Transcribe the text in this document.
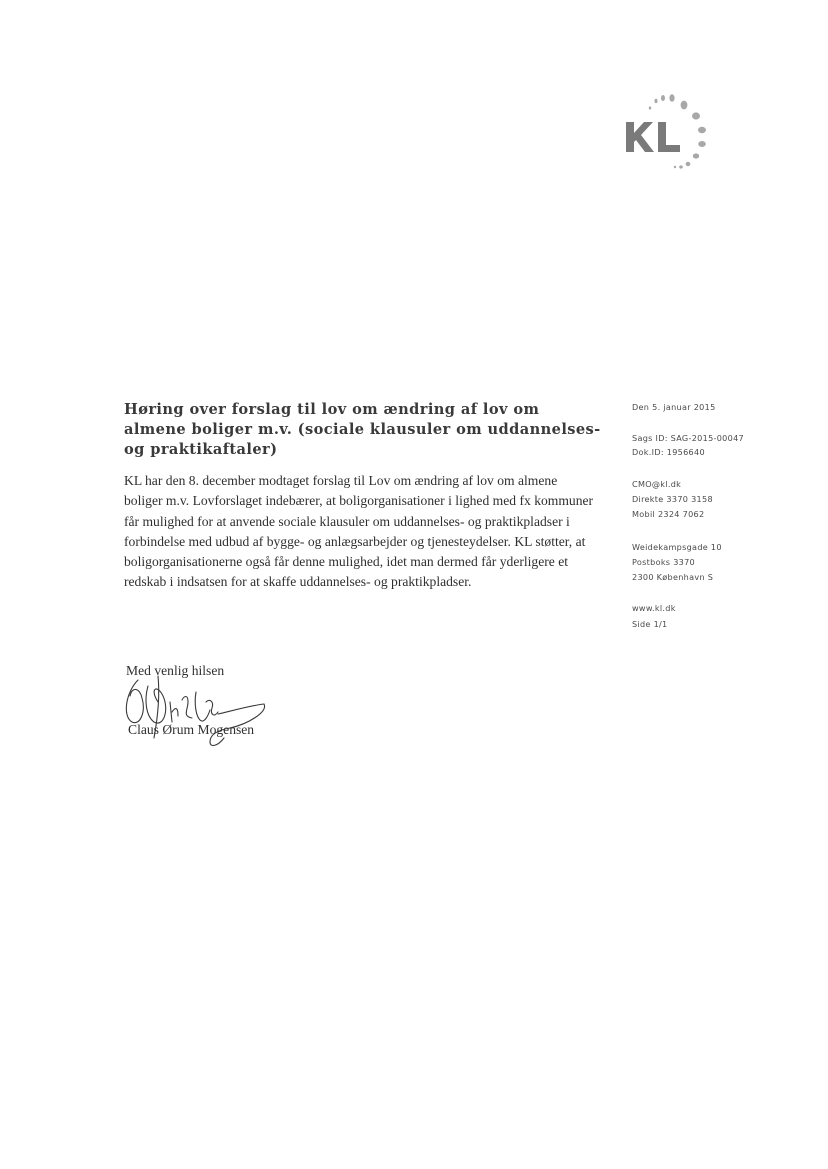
Høring over forslag til lov om ændring af lov om almene boliger m.v. (sociale klausuler om uddannelses- og praktikaftaler)

KL har den 8. december modtaget forslag til Lov om ændring af lov om almene boliger m.v. Lovforslaget indebærer, at boligorganisationer i lighed med fx kommuner får mulighed for at anvende sociale klausuler om uddannelses- og praktikpladser i forbindelse med udbud af bygge- og anlægsarbejder og tjenesteydelser. KL støtter, at boligorganisationerne også får denne mulighed, idet man dermed får yderligere et redskab i indsatsen for at skaffe uddannelses- og praktikpladser.

Den 5. januar 2015
Sags ID: SAG-2015-00047
Dok.ID: 1956640
CMO@kl.dk
Direkte 3370 3158
Mobil 2324 7062
Weidekampsgade 10
Postboks 3370
2300 København S
www.kl.dk
Side 1/1
Med venlig hilsen
Claus Ørum Mogensen
